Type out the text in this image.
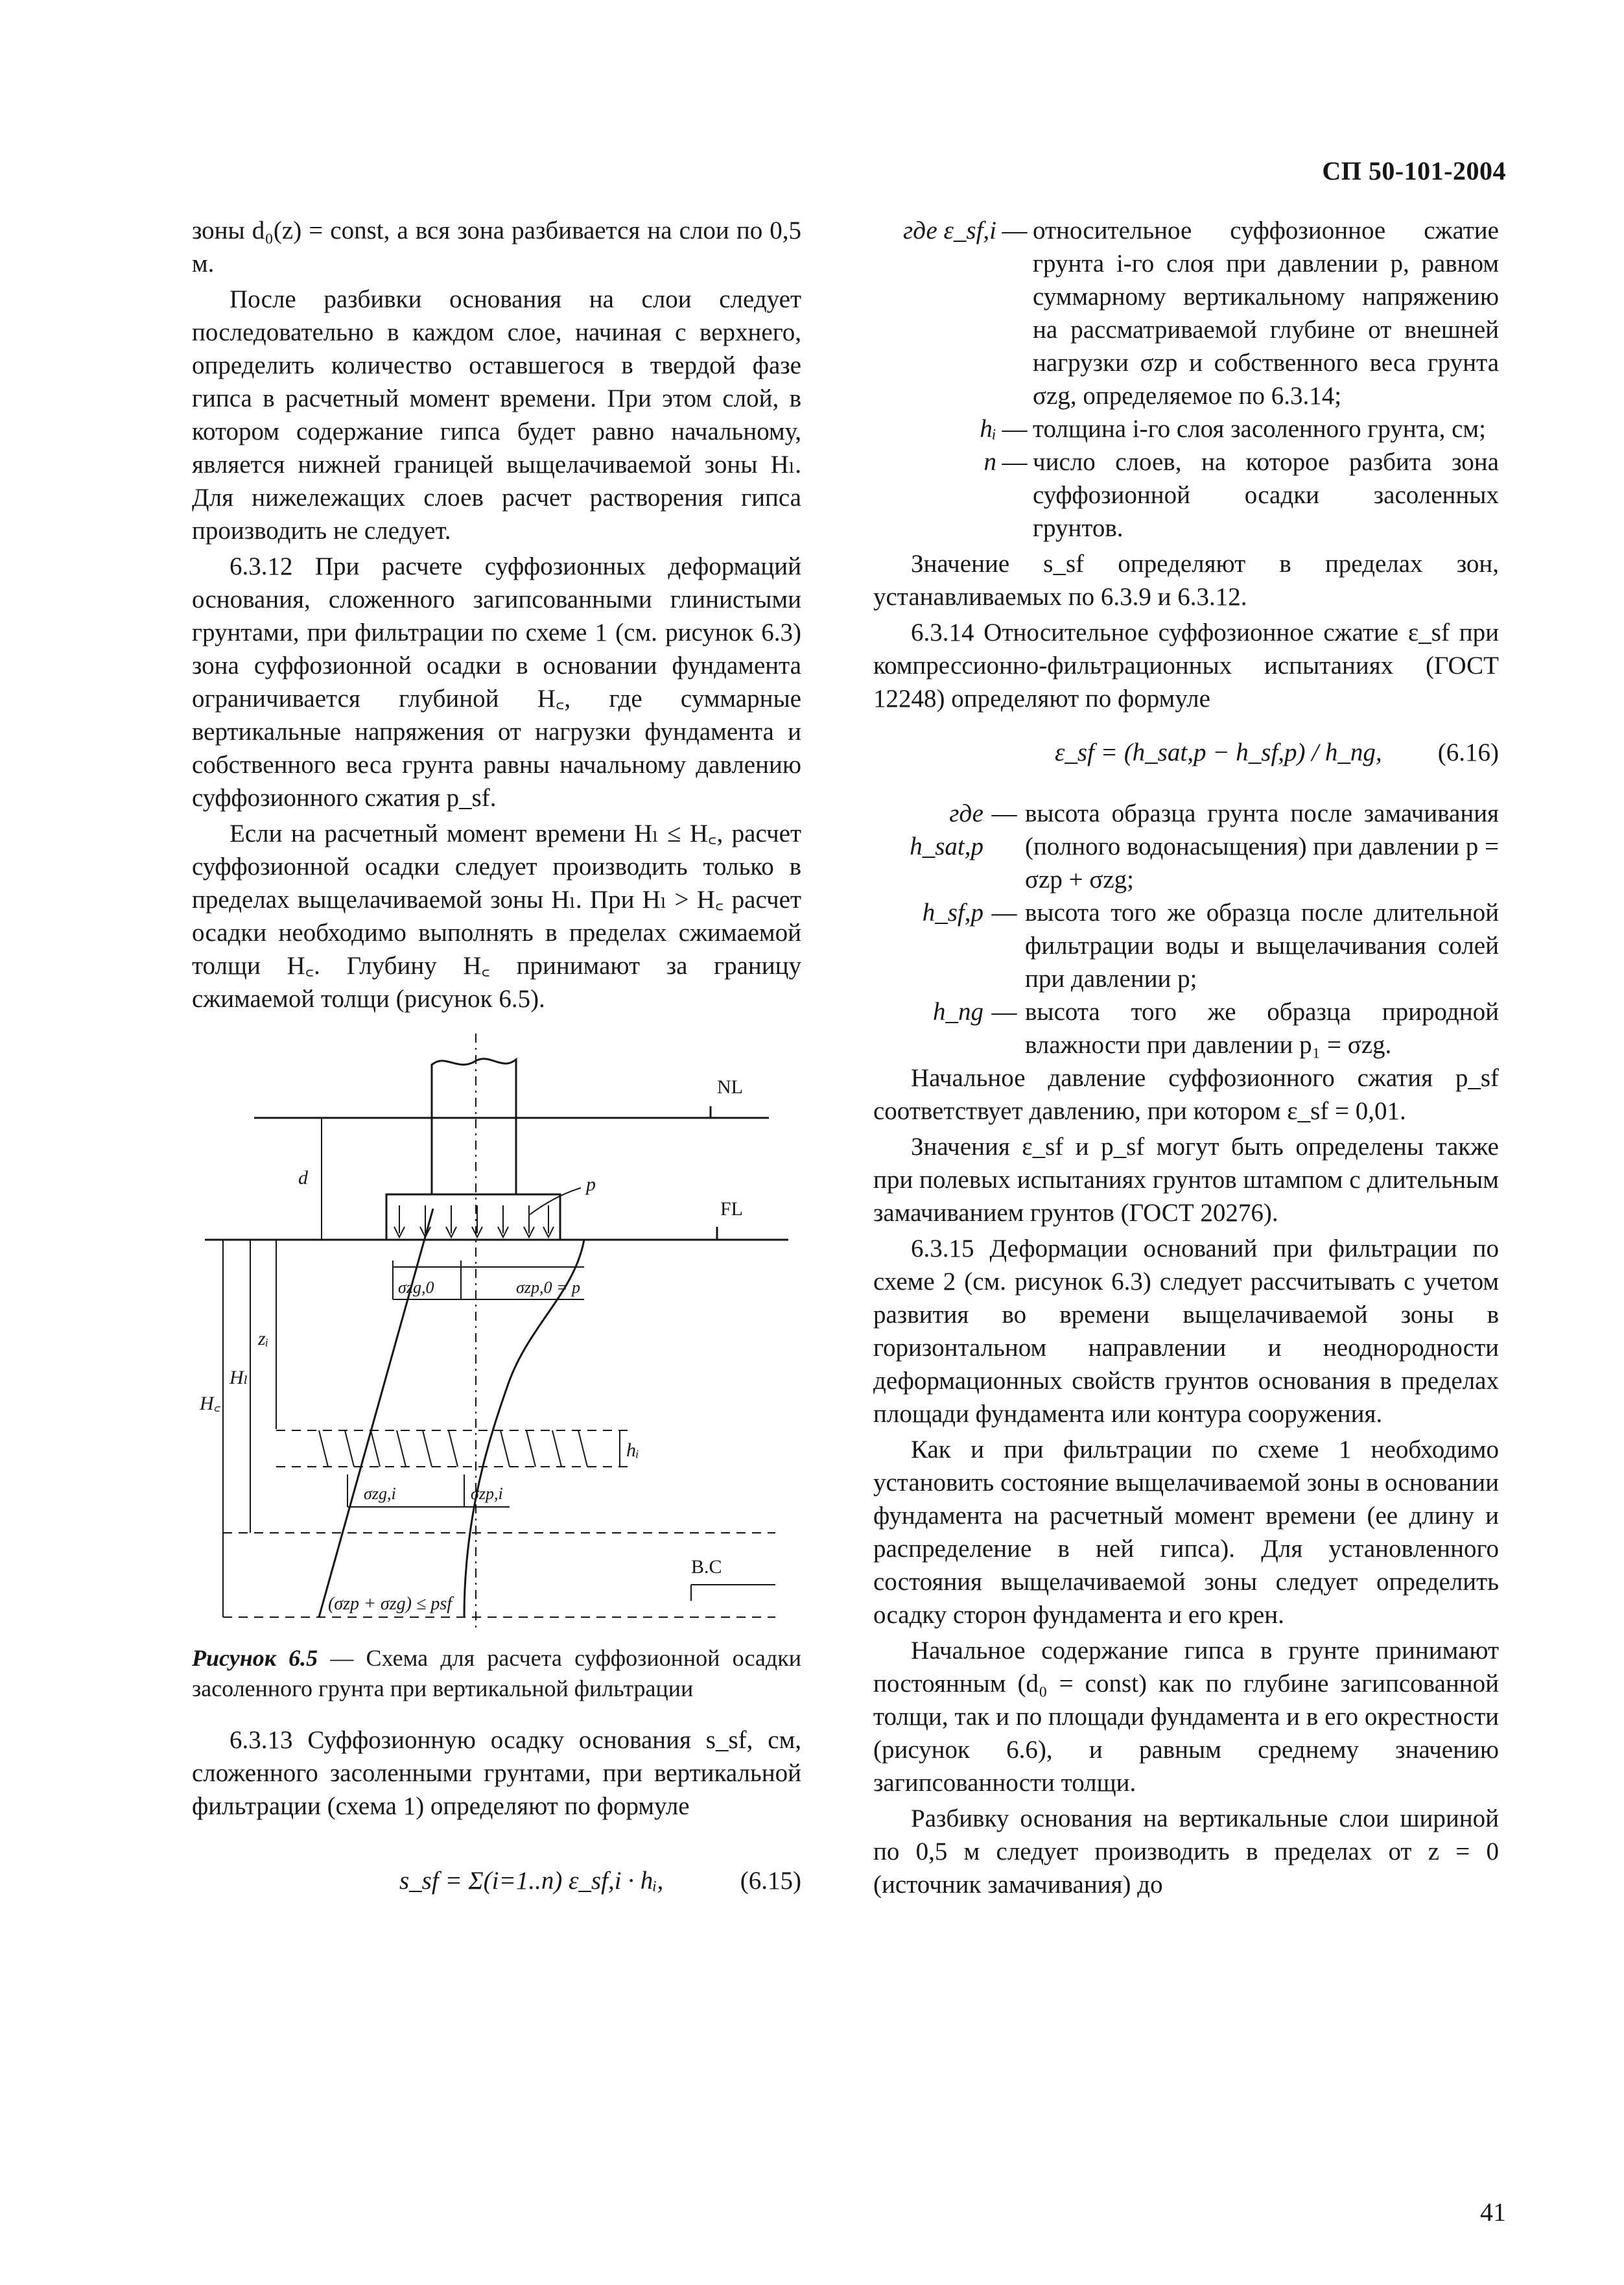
СП 50-101-2004

зоны d₀(z) = const, а вся зона разбивается на слои по 0,5 м.

После разбивки основания на слои следует последовательно в каждом слое, начиная с верхнего, определить количество оставшегося в твердой фазе гипса в расчетный момент времени. При этом слой, в котором содержание гипса будет равно начальному, является нижней границей выщелачиваемой зоны Hₗ. Для нижележащих слоев расчет растворения гипса производить не следует.

6.3.12 При расчете суффозионных деформаций основания, сложенного загипсованными глинистыми грунтами, при фильтрации по схеме 1 (см. рисунок 6.3) зона суффозионной осадки в основании фундамента ограничивается глубиной H꜀, где суммарные вертикальные напряжения от нагрузки фундамента и собственного веса грунта равны начальному давлению суффозионного сжатия p_sf.

Если на расчетный момент времени Hₗ ≤ H꜀, расчет суффозионной осадки следует производить только в пределах выщелачиваемой зоны Hₗ. При Hₗ > H꜀ расчет осадки необходимо выполнять в пределах сжимаемой толщи H꜀. Глубину H꜀ принимают за границу сжимаемой толщи (рисунок 6.5).

NL
p
d
FL
H꜀
Hₗ
zᵢ
σzg,0	σzp,0 = p
hᵢ
σzg,i	σzp,i
B.C
(σzp + σzg) ≤ psf

Рисунок 6.5 — Схема для расчета суффозионной осадки засоленного грунта при вертикальной фильтрации

6.3.13 Суффозионную осадку основания s_sf, см, сложенного засоленными грунтами, при вертикальной фильтрации (схема 1) определяют по формуле

s_sf = Σ(i=1..n) ε_sf,i · hᵢ,	(6.15)
где ε_sf,i — относительное суффозионное сжатие грунта i-го слоя при давлении p, равном суммарному вертикальному напряжению на рассматриваемой глубине от внешней нагрузки σzp и собственного веса грунта σzg, определяемое по 6.3.14;
hᵢ — толщина i-го слоя засоленного грунта, см;
n — число слоев, на которое разбита зона суффозионной осадки засоленных грунтов.

Значение s_sf определяют в пределах зон, устанавливаемых по 6.3.9 и 6.3.12.

6.3.14 Относительное суффозионное сжатие ε_sf при компрессионно-фильтрационных испытаниях (ГОСТ 12248) определяют по формуле

ε_sf = (h_sat,p − h_sf,p) / h_ng, (6.16)
где h_sat,p
— высота образца грунта после замачивания (полного водонасыщения) при давлении p = σzp + σzg;
h_sf,p — высота того же образца после длительной фильтрации воды и выщелачивания солей при давлении p;
h_ng — высота того же образца природной влажности при давлении p₁ = σzg.

Начальное давление суффозионного сжатия p_sf соответствует давлению, при котором ε_sf = 0,01.

Значения ε_sf и p_sf могут быть определены также при полевых испытаниях грунтов штампом с длительным замачиванием грунтов (ГОСТ 20276).

6.3.15 Деформации оснований при фильтрации по схеме 2 (см. рисунок 6.3) следует рассчитывать с учетом развития во времени выщелачиваемой зоны в горизонтальном направлении и неоднородности деформационных свойств грунтов основания в пределах площади фундамента или контура сооружения.

Как и при фильтрации по схеме 1 необходимо установить состояние выщелачиваемой зоны в основании фундамента на расчетный момент времени (ее длину и распределение в ней гипса). Для установленного состояния выщелачиваемой зоны следует определить осадку сторон фундамента и его крен.

Начальное содержание гипса в грунте принимают постоянным (d₀ = const) как по глубине загипсованной толщи, так и по площади фундамента и в его окрестности (рисунок 6.6), и равным среднему значению загипсованности толщи.

Разбивку основания на вертикальные слои шириной по 0,5 м следует производить в пределах от z = 0 (источник замачивания) до

41
